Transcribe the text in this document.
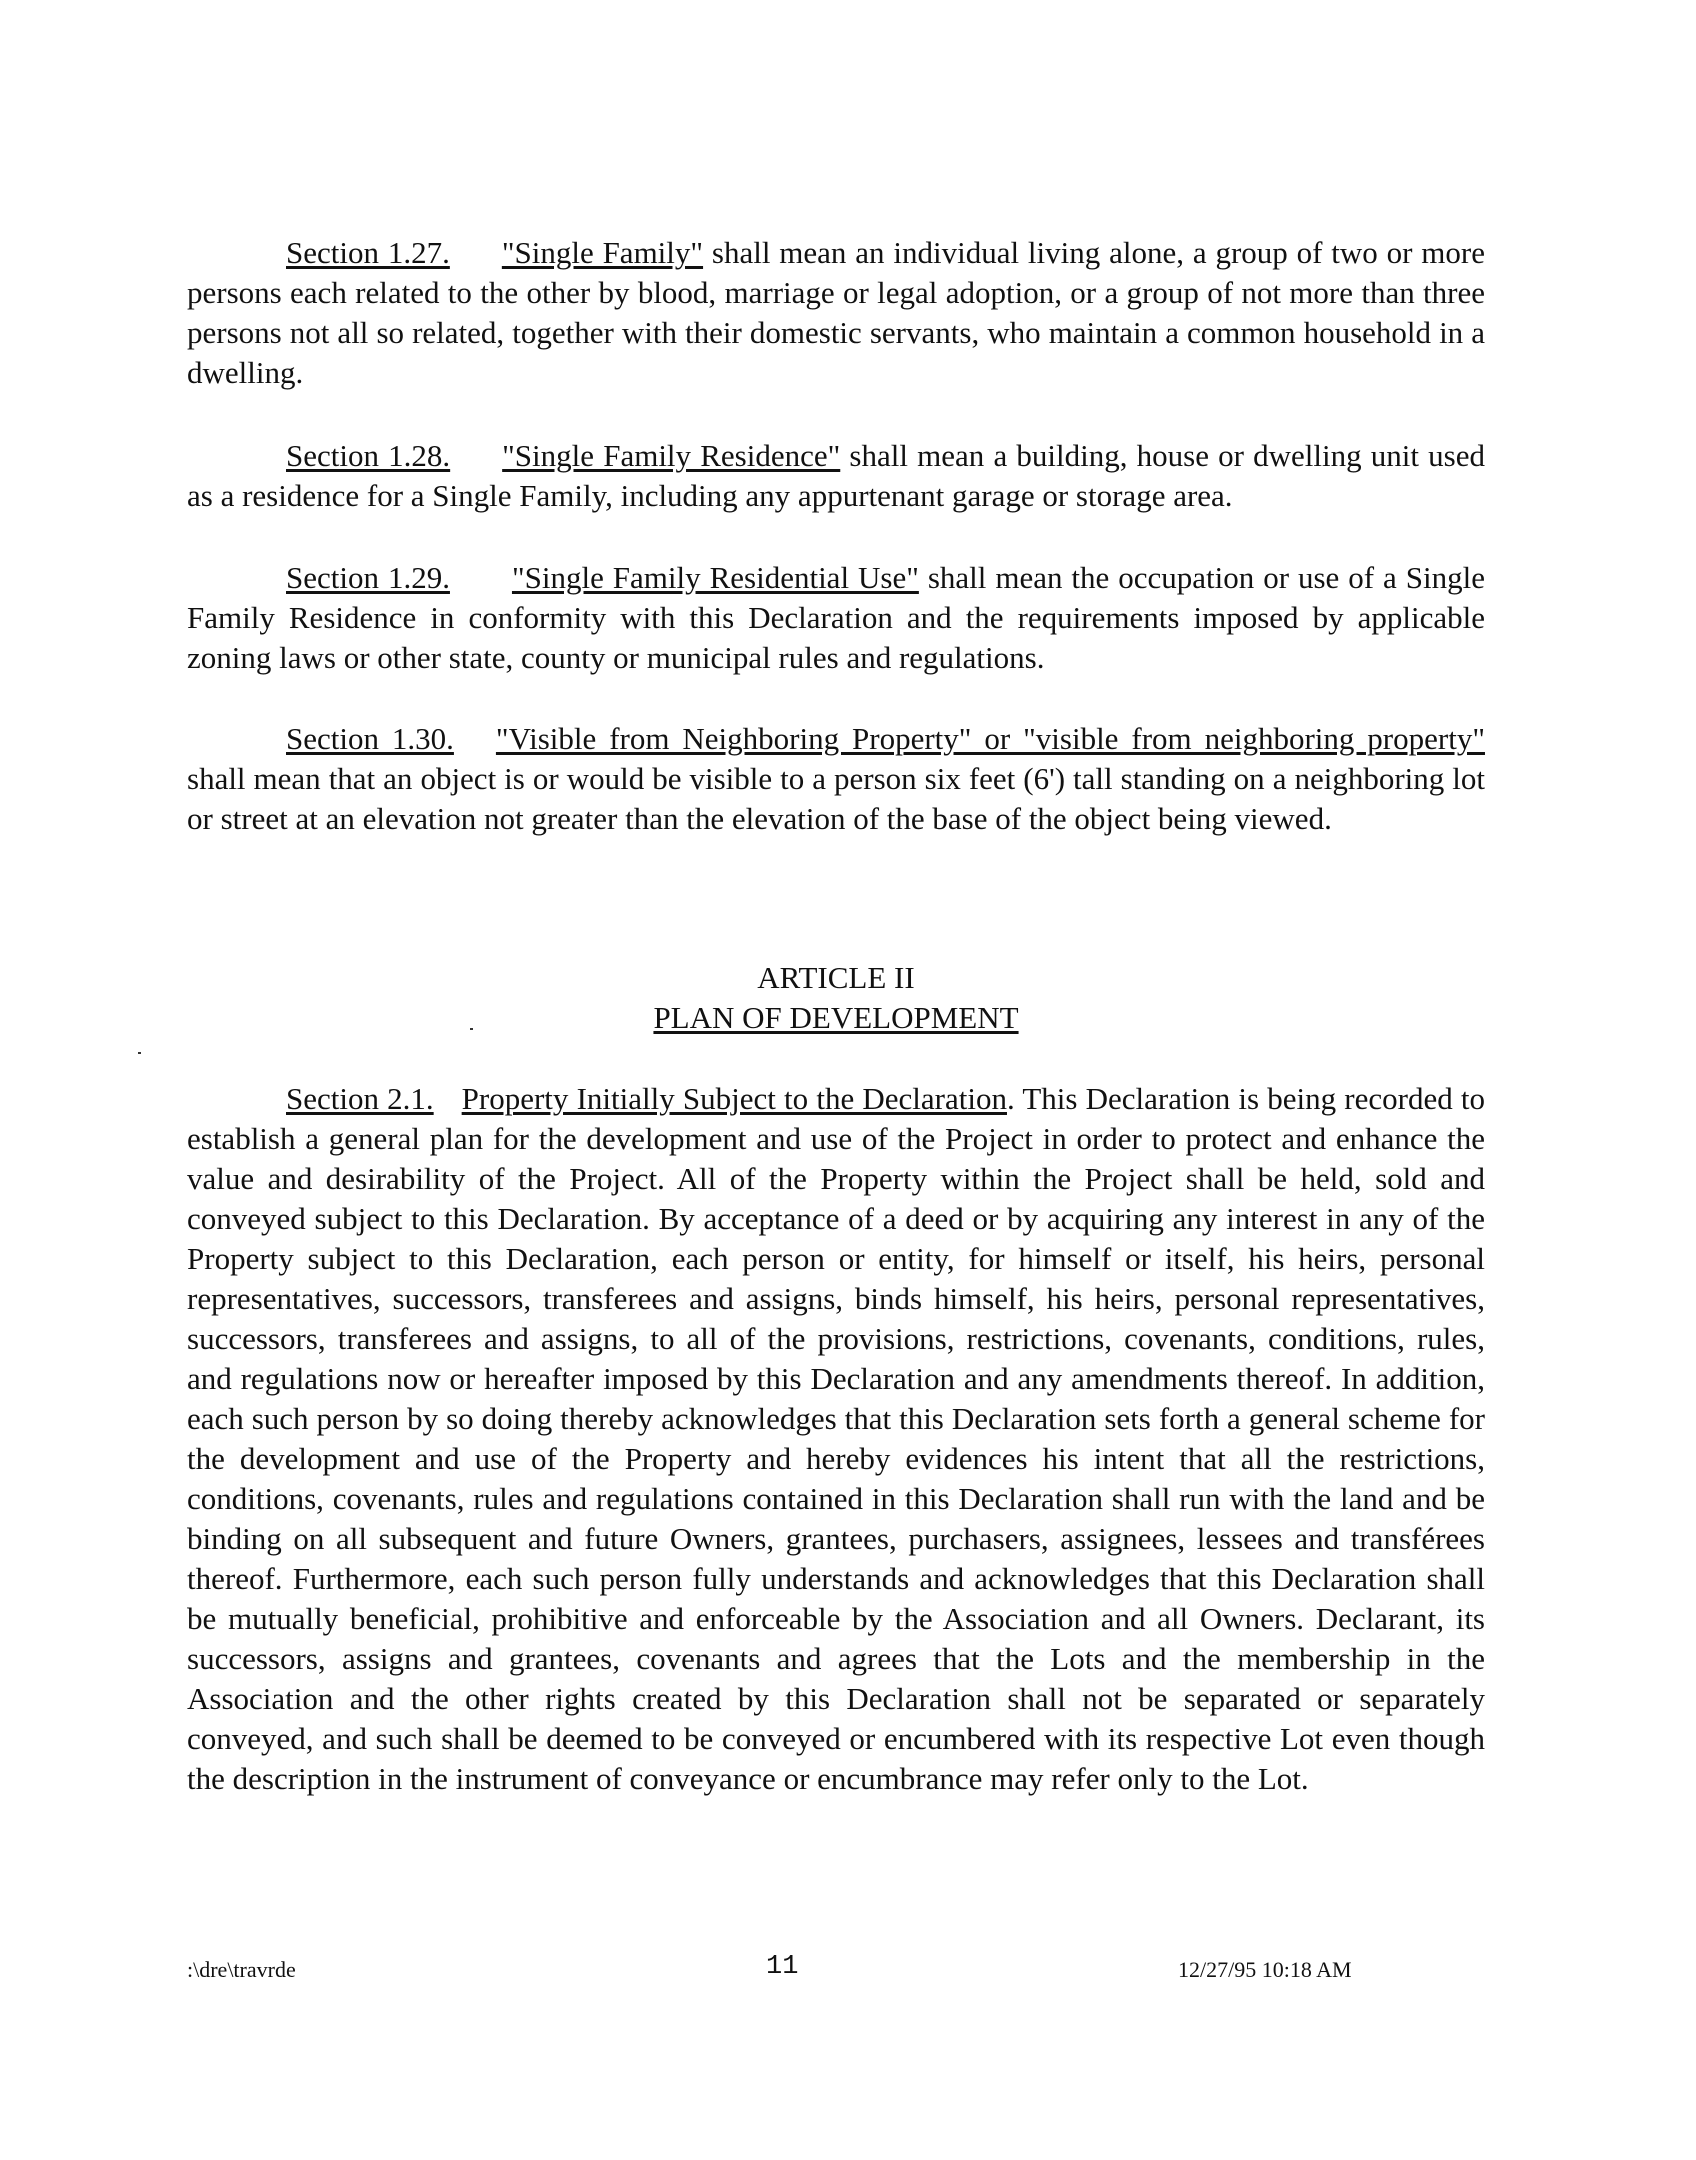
Section 1.27. "Single Family" shall mean an individual living alone, a group of two or more persons each related to the other by blood, marriage or legal adoption, or a group of not more than three persons not all so related, together with their domestic servants, who maintain a common household in a dwelling.

Section 1.28. "Single Family Residence" shall mean a building, house or dwelling unit used as a residence for a Single Family, including any appurtenant garage or storage area.

Section 1.29. "Single Family Residential Use" shall mean the occupation or use of a Single Family Residence in conformity with this Declaration and the requirements imposed by applicable zoning laws or other state, county or municipal rules and regulations.

Section 1.30. "Visible from Neighboring Property" or "visible from neighboring property" shall mean that an object is or would be visible to a person six feet (6') tall standing on a neighboring lot or street at an elevation not greater than the elevation of the base of the object being viewed.

ARTICLE II
PLAN OF DEVELOPMENT

Section 2.1. Property Initially Subject to the Declaration. This Declaration is being recorded to establish a general plan for the development and use of the Project in order to protect and enhance the value and desirability of the Project. All of the Property within the Project shall be held, sold and conveyed subject to this Declaration. By acceptance of a deed or by acquiring any interest in any of the Property subject to this Declaration, each person or entity, for himself or itself, his heirs, personal representatives, successors, transferees and assigns, binds himself, his heirs, personal representatives, successors, transferees and assigns, to all of the provisions, restrictions, covenants, conditions, rules, and regulations now or hereafter imposed by this Declaration and any amendments thereof. In addition, each such person by so doing thereby acknowledges that this Declaration sets forth a general scheme for the development and use of the Property and hereby evidences his intent that all the restrictions, conditions, covenants, rules and regulations contained in this Declaration shall run with the land and be binding on all subsequent and future Owners, grantees, purchasers, assignees, lessees and transférees thereof. Furthermore, each such person fully understands and acknowledges that this Declaration shall be mutually beneficial, prohibitive and enforceable by the Association and all Owners. Declarant, its successors, assigns and grantees, covenants and agrees that the Lots and the membership in the Association and the other rights created by this Declaration shall not be separated or separately conveyed, and such shall be deemed to be conveyed or encumbered with its respective Lot even though the description in the instrument of conveyance or encumbrance may refer only to the Lot.

:\dre\travrde	11	12/27/95 10:18 AM
